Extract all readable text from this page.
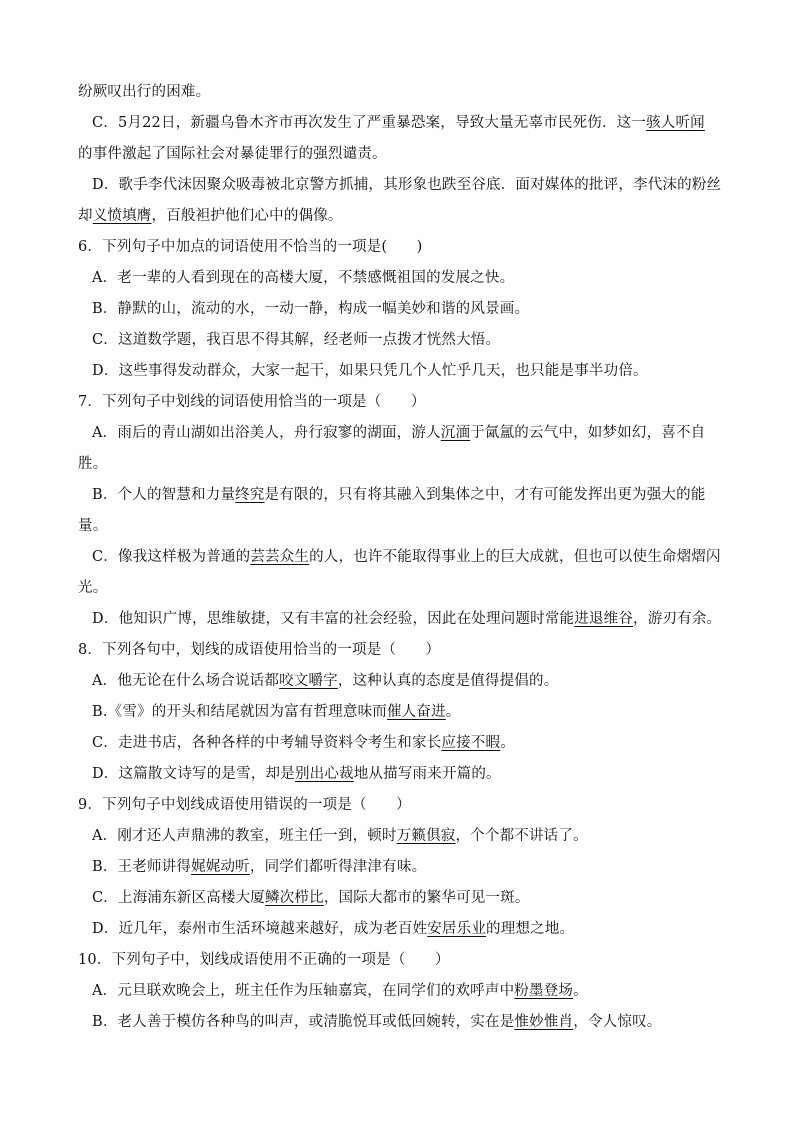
纷厥叹出行的困难。
C．5月22日，新疆乌鲁木齐市再次发生了严重暴恐案，导致大量无辜市民死伤．这一骇人听闻
的事件激起了国际社会对暴徒罪行的强烈谴责。
D．歌手李代沫因聚众吸毒被北京警方抓捕，其形象也跌至谷底．面对媒体的批评，李代沫的粉丝
却义愤填膺，百般袒护他们心中的偶像。
6．下列句子中加点的词语使用不恰当的一项是(　　)
A．老一辈的人看到现在的高楼大厦，不禁感慨祖国的发展之快。
B．静默的山，流动的水，一动一静，构成一幅美妙和谐的风景画。
C．这道数学题，我百思不得其解，经老师一点拨才恍然大悟。
D．这些事得发动群众，大家一起干，如果只凭几个人忙乎几天，也只能是事半功倍。
7．下列句子中划线的词语使用恰当的一项是（　　）
A．雨后的青山湖如出浴美人，舟行寂寥的湖面，游人沉湎于氤氲的云气中，如梦如幻，喜不自
胜。
B．个人的智慧和力量终究是有限的，只有将其融入到集体之中，才有可能发挥出更为强大的能
量。
C．像我这样极为普通的芸芸众生的人，也许不能取得事业上的巨大成就，但也可以使生命熠熠闪
光。
D．他知识广博，思维敏捷，又有丰富的社会经验，因此在处理问题时常能进退维谷，游刃有余。
8．下列各句中，划线的成语使用恰当的一项是（　　）
A．他无论在什么场合说话都咬文嚼字，这种认真的态度是值得提倡的。
B.《雪》的开头和结尾就因为富有哲理意味而催人奋进。
C．走进书店，各种各样的中考辅导资料令考生和家长应接不暇。
D．这篇散文诗写的是雪，却是别出心裁地从描写雨来开篇的。
9．下列句子中划线成语使用错误的一项是（　　）
A．刚才还人声鼎沸的教室，班主任一到，顿时万籁俱寂，个个都不讲话了。
B．王老师讲得娓娓动听，同学们都听得津津有味。
C．上海浦东新区高楼大厦鳞次栉比，国际大都市的繁华可见一斑。
D．近几年，泰州市生活环境越来越好，成为老百姓安居乐业的理想之地。
10．下列句子中，划线成语使用不正确的一项是（　　）
A．元旦联欢晚会上，班主任作为压轴嘉宾，在同学们的欢呼声中粉墨登场。
B．老人善于模仿各种鸟的叫声，或清脆悦耳或低回婉转，实在是惟妙惟肖，令人惊叹。
